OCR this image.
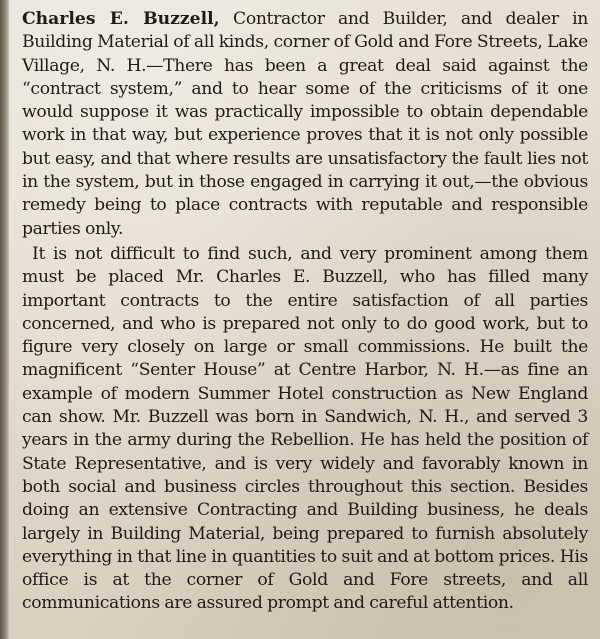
Charles E. Buzzell, Contractor and Builder, and dealer in Building Material of all kinds, corner of Gold and Fore Streets, Lake Village, N. H.—There has been a great deal said against the “contract system,” and to hear some of the criticisms of it one would suppose it was practically impossible to obtain dependable work in that way, but experience proves that it is not only possible but easy, and that where results are unsatisfactory the fault lies not in the system, but in those engaged in carrying it out,—the obvious remedy being to place contracts with reputable and responsible parties only.

It is not difficult to find such, and very prominent among them must be placed Mr. Charles E. Buzzell, who has filled many important contracts to the entire satisfaction of all parties concerned, and who is prepared not only to do good work, but to figure very closely on large or small commissions. He built the magnificent “Senter House” at Centre Harbor, N. H.—as fine an example of modern Summer Hotel construction as New England can show. Mr. Buzzell was born in Sandwich, N. H., and served 3 years in the army during the Rebellion. He has held the position of State Representative, and is very widely and favorably known in both social and business circles throughout this section. Besides doing an extensive Contracting and Building business, he deals largely in Building Material, being prepared to furnish absolutely everything in that line in quantities to suit and at bottom prices. His office is at the corner of Gold and Fore streets, and all communications are assured prompt and careful attention.
